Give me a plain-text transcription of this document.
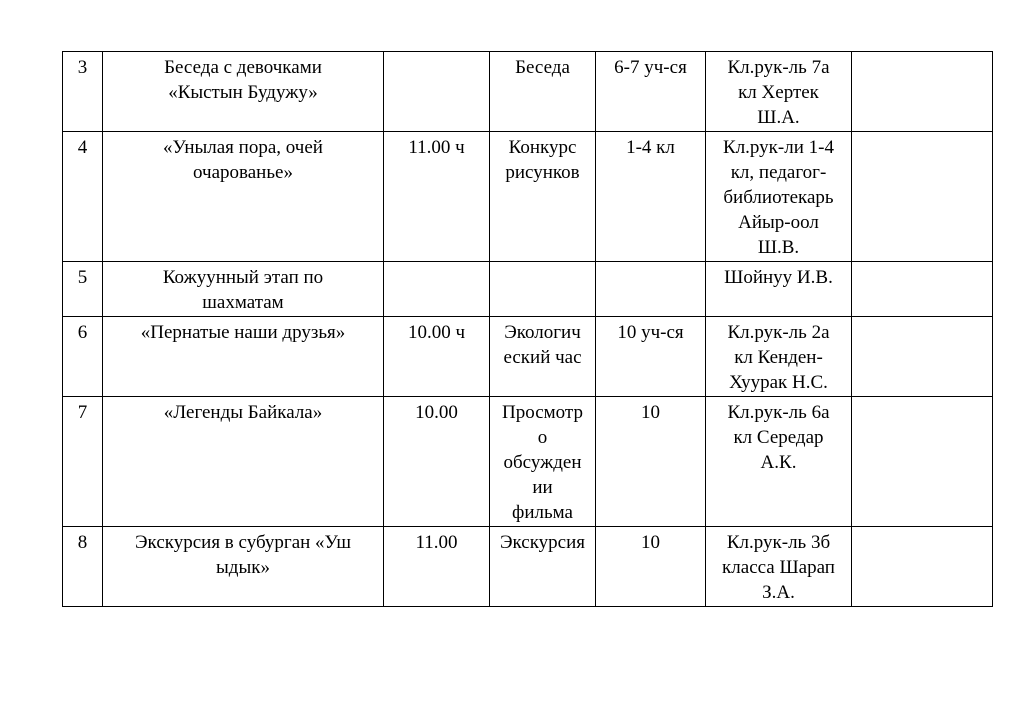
3	Беседа с девочками
«Кыстын Будужу»		Беседа	6-7 уч-ся	Кл.рук-ль 7а
кл Хертек
Ш.А.	
4	«Унылая пора, очей
очарованье»	11.00 ч	Конкурс
рисунков	1-4 кл	Кл.рук-ли 1-4
кл, педагог-
библиотекарь
Айыр-оол
Ш.В.	
5	Кожуунный этап по
шахматам				Шойнуу И.В.	
6	«Пернатые наши друзья»	10.00 ч	Экологич
еский час	10 уч-ся	Кл.рук-ль 2а
кл Кенден-
Хуурак Н.С.	
7	«Легенды Байкала»	10.00	Просмотр
о
обсужден
ии
фильма	10	Кл.рук-ль 6а
кл Середар
А.К.	
8	Экскурсия в субурган «Уш
ыдык»	11.00	Экскурсия	10	Кл.рук-ль 3б
класса Шарап
З.А.	
